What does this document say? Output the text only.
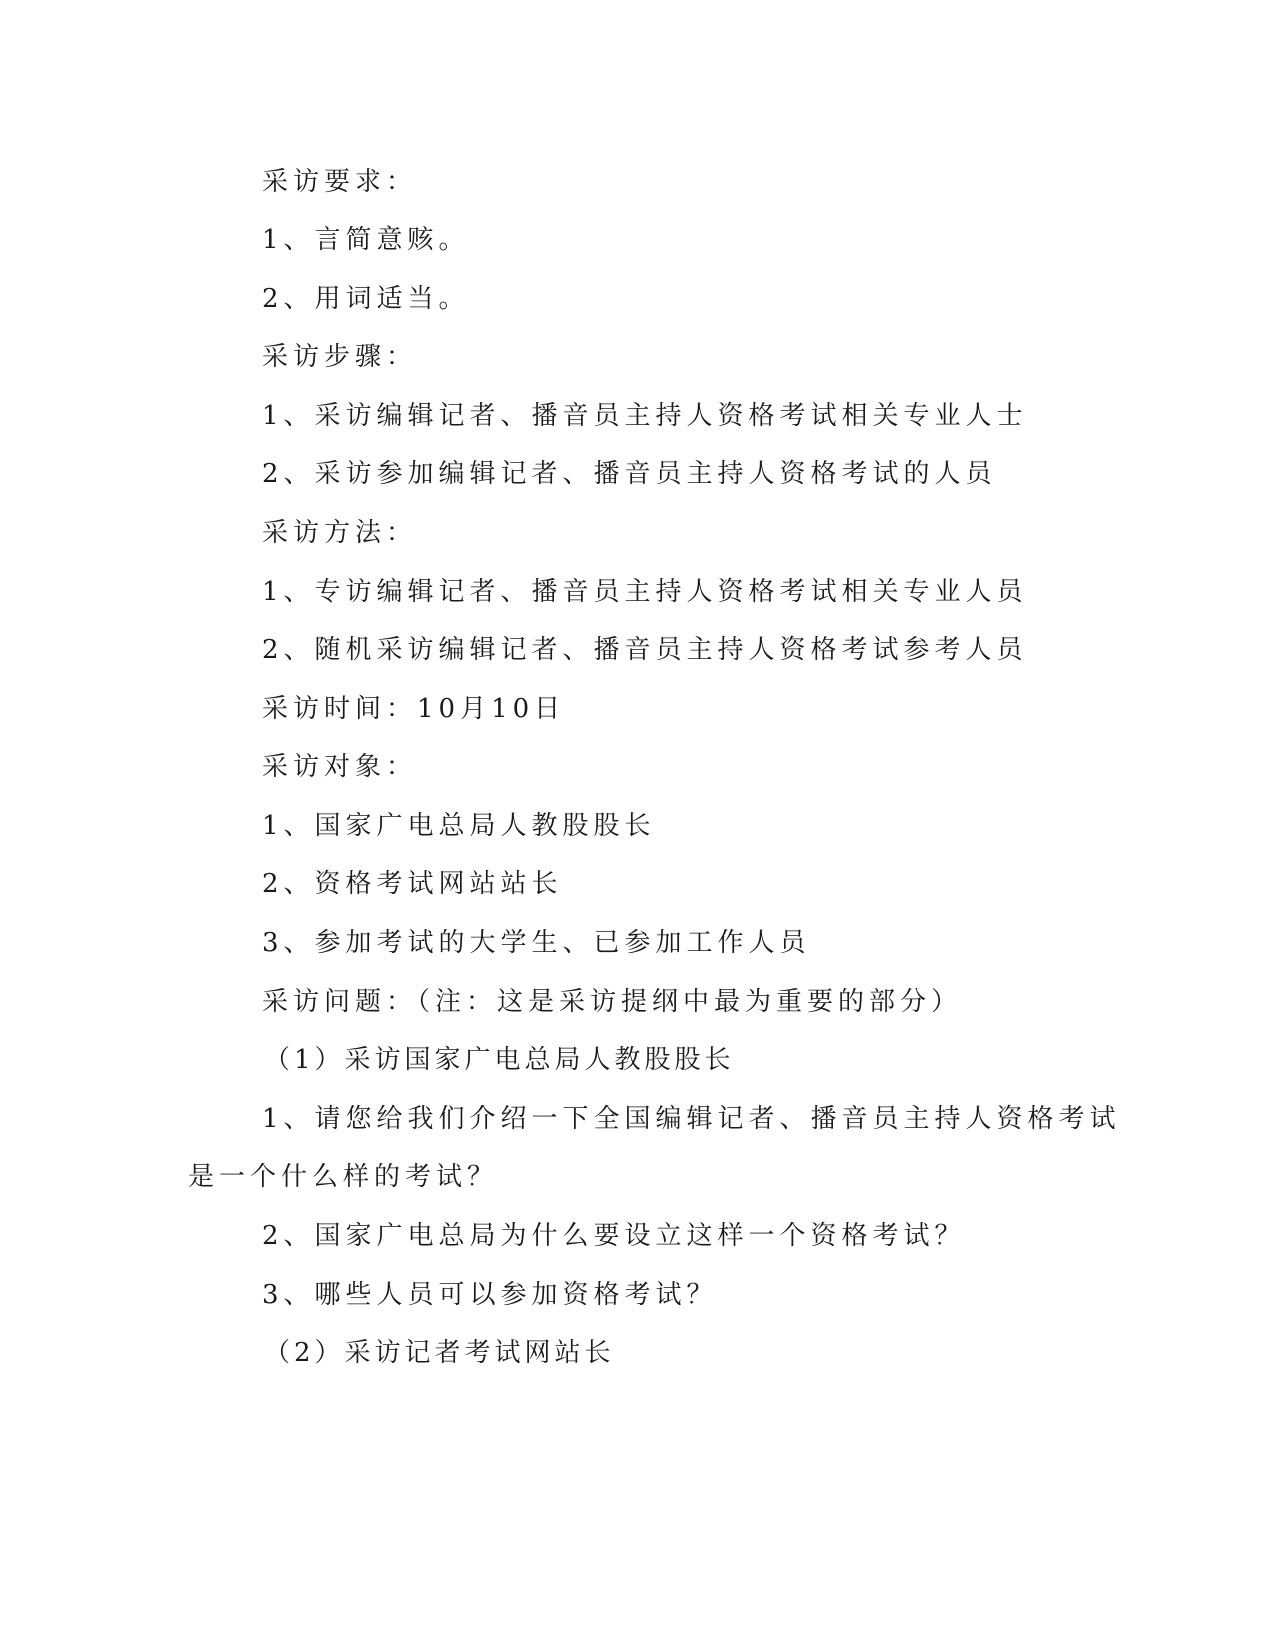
采访要求：

1、言简意赅。

2、用词适当。

采访步骤：

1、采访编辑记者、播音员主持人资格考试相关专业人士

2、采访参加编辑记者、播音员主持人资格考试的人员

采访方法：

1、专访编辑记者、播音员主持人资格考试相关专业人员

2、随机采访编辑记者、播音员主持人资格考试参考人员

采访时间：10月10日

采访对象：

1、国家广电总局人教股股长

2、资格考试网站站长

3、参加考试的大学生、已参加工作人员

采访问题：（注：这是采访提纲中最为重要的部分）

（1）采访国家广电总局人教股股长

1、请您给我们介绍一下全国编辑记者、播音员主持人资格考试

是一个什么样的考试？

2、国家广电总局为什么要设立这样一个资格考试？

3、哪些人员可以参加资格考试？

（2）采访记者考试网站长
